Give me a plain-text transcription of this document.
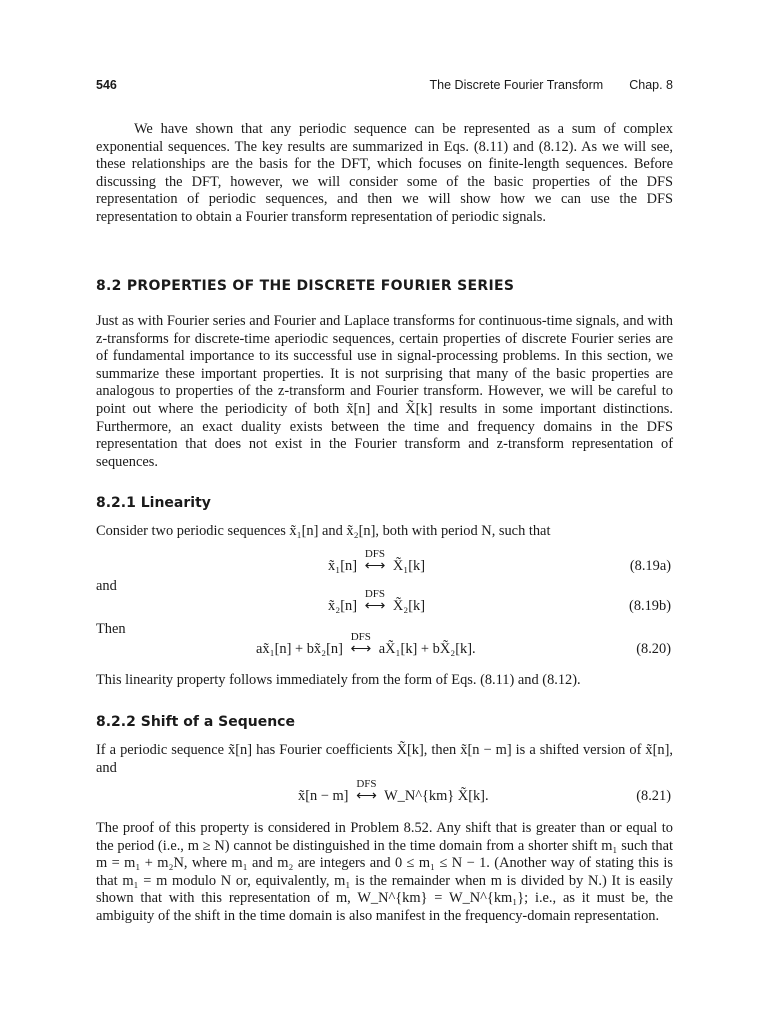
546	The Discrete Fourier Transform Chap. 8

We have shown that any periodic sequence can be represented as a sum of complex exponential sequences. The key results are summarized in Eqs. (8.11) and (8.12). As we will see, these relationships are the basis for the DFT, which focuses on finite-length sequences. Before discussing the DFT, however, we will consider some of the basic properties of the DFS representation of periodic sequences, and then we will show how we can use the DFS representation to obtain a Fourier transform representation of periodic signals.

8.2 PROPERTIES OF THE DISCRETE FOURIER SERIES

Just as with Fourier series and Fourier and Laplace transforms for continuous-time signals, and with z-transforms for discrete-time aperiodic sequences, certain properties of discrete Fourier series are of fundamental importance to its successful use in signal-processing problems. In this section, we summarize these important properties. It is not surprising that many of the basic properties are analogous to properties of the z-transform and Fourier transform. However, we will be careful to point out where the periodicity of both x̃[n] and X̃[k] results in some important distinctions. Furthermore, an exact duality exists between the time and frequency domains in the DFS representation that does not exist in the Fourier transform and z-transform representation of sequences.

8.2.1 Linearity

Consider two periodic sequences x̃₁[n] and x̃₂[n], both with period N, such that

x̃₁[n]
DFS
⟷ X̃₁[k]	(8.19a)
and
x̃₂[n]
DFS
⟷ X̃₂[k]	(8.19b)
Then
ax̃₁[n] + bx̃₂[n]
DFS
⟷ aX̃₁[k] + bX̃₂[k].	(8.20)

This linearity property follows immediately from the form of Eqs. (8.11) and (8.12).

8.2.2 Shift of a Sequence

If a periodic sequence x̃[n] has Fourier coefficients X̃[k], then x̃[n − m] is a shifted version of x̃[n], and

x̃[n − m]
DFS
⟷ W_N^{km} X̃[k].	(8.21)

The proof of this property is considered in Problem 8.52. Any shift that is greater than or equal to the period (i.e., m ≥ N) cannot be distinguished in the time domain from a shorter shift m₁ such that m = m₁ + m₂N, where m₁ and m₂ are integers and 0 ≤ m₁ ≤ N − 1. (Another way of stating this is that m₁ = m modulo N or, equivalently, m₁ is the remainder when m is divided by N.) It is easily shown that with this representation of m, W_N^{km} = W_N^{km₁}; i.e., as it must be, the ambiguity of the shift in the time domain is also manifest in the frequency-domain representation.
